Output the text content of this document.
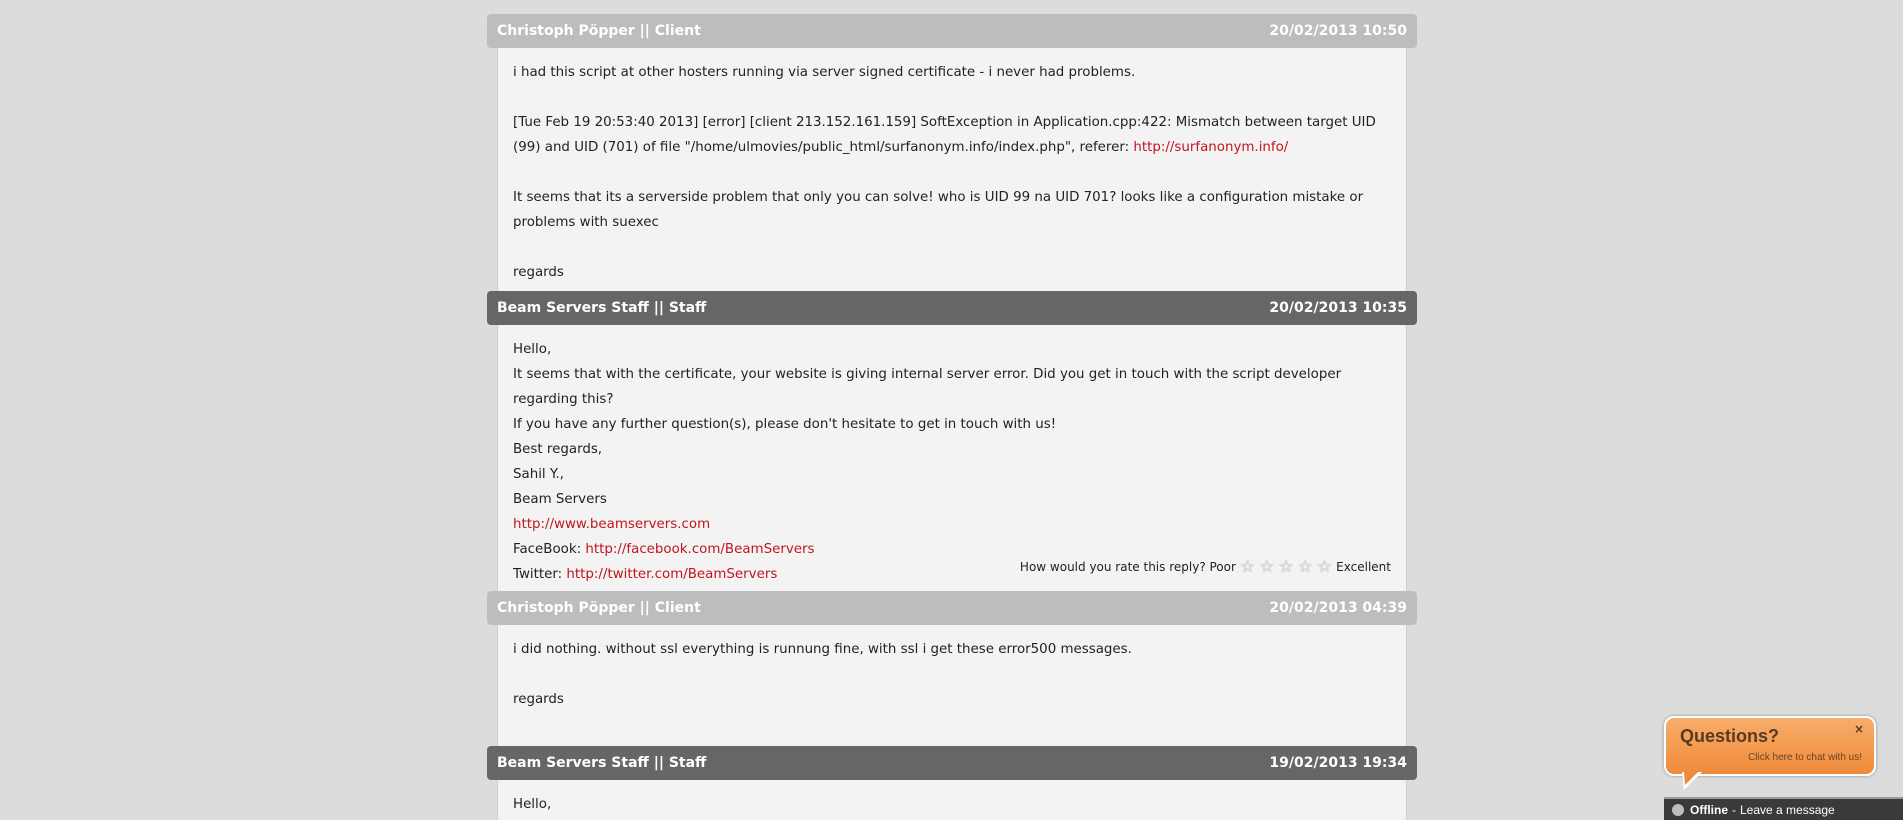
Christoph Pöpper || Client	20/02/2013 10:50
i had this script at other hosters running via server signed certificate - i never had problems.
[Tue Feb 19 20:53:40 2013] [error] [client 213.152.161.159] SoftException in Application.cpp:422: Mismatch between target UID
(99) and UID (701) of file "/home/ulmovies/public_html/surfanonym.info/index.php", referer: http://surfanonym.info/
It seems that its a serverside problem that only you can solve! who is UID 99 na UID 701? looks like a configuration mistake or
problems with suexec
regards
Beam Servers Staff || Staff	20/02/2013 10:35
Hello,
It seems that with the certificate, your website is giving internal server error. Did you get in touch with the script developer
regarding this?
If you have any further question(s), please don't hesitate to get in touch with us!
Best regards,
Sahil Y.,
Beam Servers
http://www.beamservers.com
FaceBook: http://facebook.com/BeamServers
Twitter: http://twitter.com/BeamServers	How would you rate this reply? Poor ☆ ☆ ☆ ☆ ☆ Excellent
Christoph Pöpper || Client	20/02/2013 04:39
i did nothing. without ssl everything is runnung fine, with ssl i get these error500 messages.
regards
Beam Servers Staff || Staff	19/02/2013 19:34
Hello,
Questions?	×
Click here to chat with us!
Offline - Leave a message
